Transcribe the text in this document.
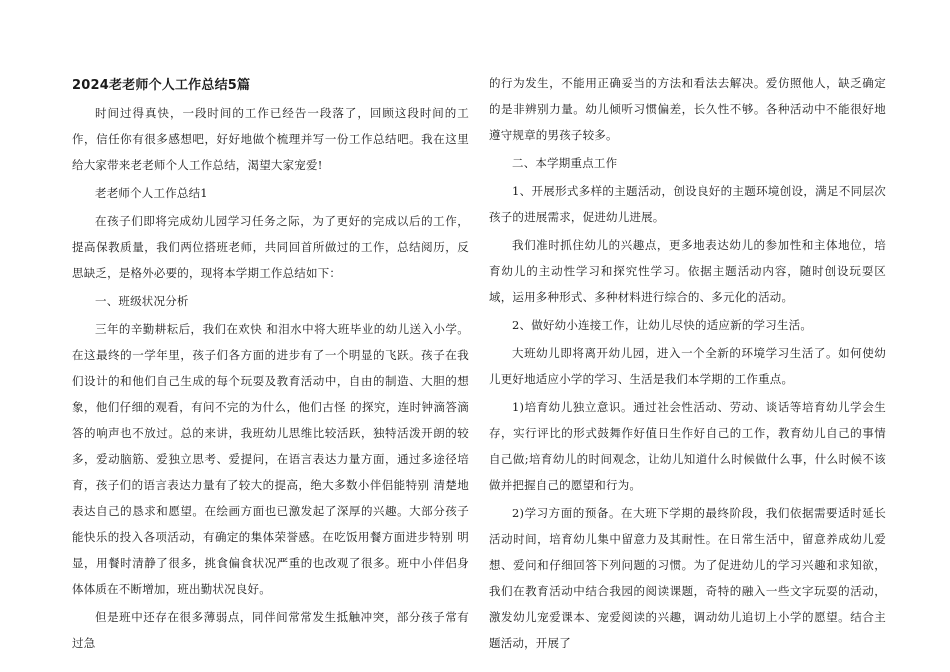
2024老老师个人工作总结5篇
时间过得真快，一段时间的工作已经告一段落了，回顾这段时间的工作，信任你有很多感想吧，好好地做个梳理并写一份工作总结吧。我在这里给大家带来老老师个人工作总结，渴望大家宠爱!
老老师个人工作总结1
在孩子们即将完成幼儿园学习任务之际，为了更好的完成以后的工作，提高保教质量，我们两位搭班老师，共同回首所做过的工作，总结阅历，反思缺乏，是格外必要的，现将本学期工作总结如下：
一、班级状况分析
三年的辛勤耕耘后，我们在欢快 和泪水中将大班毕业的幼儿送入小学。在这最终的一学年里，孩子们各方面的进步有了一个明显的飞跃。孩子在我们设计的和他们自己生成的每个玩耍及教育活动中，自由的制造、大胆的想象，他们仔细的观看，有问不完的为什么，他们古怪 的探究，连时钟滴答滴答的响声也不放过。总的来讲，我班幼儿思维比较活跃，独特活泼开朗的较多，爱动脑筋、爱独立思考、爱提问，在语言表达力量方面，通过多途径培育，孩子们的语言表达力量有了较大的提高，绝大多数小伴侣能特别 清楚地表达自己的恳求和愿望。在绘画方面也已激发起了深厚的兴趣。大部分孩子能快乐的投入各项活动，有确定的集体荣誉感。在吃饭用餐方面进步特别 明显，用餐时清静了很多，挑食偏食状况严重的也改观了很多。班中小伴侣身体体质在不断增加，班出勤状况良好。
但是班中还存在很多薄弱点，同伴间常常发生抵触冲突，部分孩子常有过急
的行为发生，不能用正确妥当的方法和看法去解决。爱仿照他人，缺乏确定的是非辨别力量。幼儿倾听习惯偏差，长久性不够。各种活动中不能很好地遵守规章的男孩子较多。
二、本学期重点工作
1、开展形式多样的主题活动，创设良好的主题环境创设，满足不同层次孩子的进展需求，促进幼儿进展。
我们准时抓住幼儿的兴趣点，更多地表达幼儿的参加性和主体地位，培育幼儿的主动性学习和探究性学习。依据主题活动内容，随时创设玩耍区域，运用多种形式、多种材料进行综合的、多元化的活动。
2、做好幼小连接工作，让幼儿尽快的适应新的学习生活。
大班幼儿即将离开幼儿园，进入一个全新的环境学习生活了。如何使幼儿更好地适应小学的学习、生活是我们本学期的工作重点。
1)培育幼儿独立意识。通过社会性活动、劳动、谈话等培育幼儿学会生存，实行评比的形式鼓舞作好值日生作好自己的工作，教育幼儿自己的事情自己做;培育幼儿的时间观念，让幼儿知道什么时候做什么事，什么时候不该做并把握自己的愿望和行为。
2)学习方面的预备。在大班下学期的最终阶段，我们依据需要适时延长活动时间，培育幼儿集中留意力及其耐性。在日常生活中，留意养成幼儿爱想、爱问和仔细回答下列问题的习惯。为了促进幼儿的学习兴趣和求知欲，我们在教育活动中结合我园的阅读课题，奇特的融入一些文字玩耍的活动，激发幼儿宠爱课本、宠爱阅读的兴趣，调动幼儿追切上小学的愿望。结合主题活动，开展了
